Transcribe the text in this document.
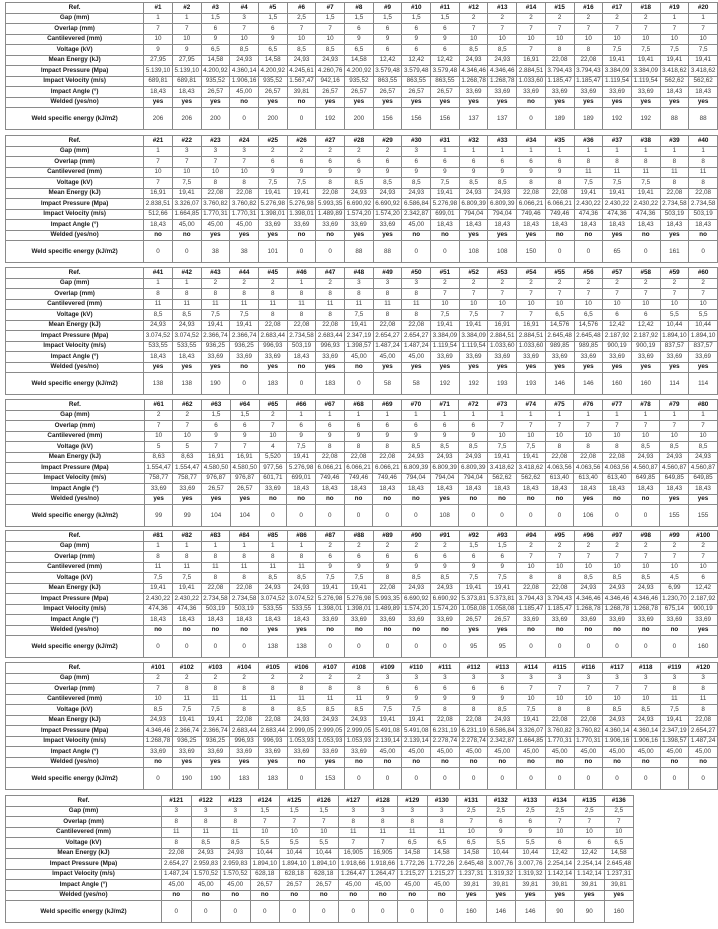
Ref.	#1	#2	#3	#4	#5	#6	#7	#8	#9	#10	#11	#12	#13	#14	#15	#16	#17	#18	#19	#20
Gap (mm)	1	1	1,5	3	1,5	2,5	1,5	1,5	1,5	1,5	1,5	2	2	2	2	2	2	2	1	1
Overlap (mm)	7	7	6	7	6	7	7	6	6	6	6	7	7	7	7	7	7	7	7	7
Cantilevered (mm)	10	10	9	10	9	10	10	9	9	9	9	10	10	10	10	10	10	10	10	10
Voltage (kV)	9	9	6,5	8,5	6,5	8,5	8,5	6,5	6	6	6	8,5	8,5	7	8	8	7,5	7,5	7,5	7,5
Mean Energy (kJ)	27,95	27,95	14,58	24,93	14,58	24,93	24,93	14,58	12,42	12,42	12,42	24,93	24,93	16,91	22,08	22,08	19,41	19,41	19,41	19,41
Impact Pressure (Mpa)	5.139,10	5.139,10	4.200,92	4.360,14	4.200,92	4.245,61	4.260,76	4.200,92	3.579,48	3.579,48	3.579,48	4.346,46	4.346,46	2.884,51	3.794,43	3.794,43	3.384,09	3.384,09	3.418,62	3.418,62
Impact Velocity (m/s)	689,81	689,81	935,52	1.906,16	935,52	1.567,47	942,16	935,52	863,55	863,55	863,55	1.268,78	1.268,78	1.033,60	1.185,47	1.185,47	1.119,54	1.119,54	562,62	562,62
Impact Angle (°)	18,43	18,43	26,57	45,00	26,57	39,81	26,57	26,57	26,57	26,57	26,57	33,69	33,69	33,69	33,69	33,69	33,69	33,69	18,43	18,43
Welded (yes/no)	yes	yes	yes	no	yes	no	yes	yes	yes	yes	yes	yes	yes	no	yes	yes	yes	yes	yes	yes
Weld specific energy (kJ/m2)	206	206	200	0	200	0	192	200	156	156	156	137	137	0	189	189	192	192	88	88
Ref.	#21	#22	#23	#24	#25	#26	#27	#28	#29	#30	#31	#32	#33	#34	#35	#36	#37	#38	#39	#40
Gap (mm)	1	3	3	3	2	2	2	2	2	3	1	1	1	1	1	1	1	1	1	1
Overlap (mm)	7	7	7	7	6	6	6	6	6	6	6	6	6	6	6	8	8	8	8	8
Cantilevered (mm)	10	10	10	10	9	9	9	9	9	9	9	9	9	9	9	11	11	11	11	11
Voltage (kV)	7	7,5	8	8	7,5	7,5	8	8,5	8,5	8,5	7,5	8,5	8,5	8	8	7,5	7,5	7,5	8	8
Mean Energy (kJ)	16,91	19,41	22,08	22,08	19,41	19,41	22,08	24,93	24,93	24,93	19,41	24,93	24,93	22,08	22,08	19,41	19,41	19,41	22,08	22,08
Impact Pressure (Mpa)	2.838,51	3.326,07	3.760,82	3.760,82	5.276,98	5.276,98	5.993,35	6.690,92	6.690,92	6.586,84	5.276,98	6.809,39	6.809,39	6.066,21	6.066,21	2.430,22	2.430,22	2.430,22	2.734,58	2.734,58
Impact Velocity (m/s)	512,66	1.664,85	1.770,31	1.770,31	1.398,01	1.398,01	1.489,89	1.574,20	1.574,20	2.342,87	699,01	794,04	794,04	749,46	749,46	474,36	474,36	474,36	503,19	503,19
Impact Angle (°)	18,43	45,00	45,00	45,00	33,69	33,69	33,69	33,69	33,69	45,00	18,43	18,43	18,43	18,43	18,43	18,43	18,43	18,43	18,43	18,43
Welded (yes/no)	no	no	yes	yes	yes	no	no	yes	yes	no	no	yes	yes	yes	no	no	yes	no	yes	no
Weld specific energy (kJ/m2)	0	0	38	38	101	0	0	88	88	0	0	108	108	150	0	0	65	0	161	0
Ref.	#41	#42	#43	#44	#45	#46	#47	#48	#49	#50	#51	#52	#53	#54	#55	#56	#57	#58	#59	#60
Gap (mm)	1	1	2	2	2	1	2	3	3	3	2	2	2	2	2	2	2	2	2	2
Overlap (mm)	8	8	8	8	8	8	8	8	8	8	7	7	7	7	7	7	7	7	7	7
Cantilevered (mm)	11	11	11	11	11	11	11	11	11	11	10	10	10	10	10	10	10	10	10	10
Voltage (kV)	8,5	8,5	7,5	7,5	8	8	8	7,5	8	8	7,5	7,5	7	7	6,5	6,5	6	6	5,5	5,5
Mean Energy (kJ)	24,93	24,93	19,41	19,41	22,08	22,08	22,08	19,41	22,08	22,08	19,41	19,41	16,91	16,91	14,576	14,576	12,42	12,42	10,44	10,44
Impact Pressure (Mpa)	3.074,52	3.074,52	2.366,74	2.366,74	2.683,44	2.734,58	2.683,44	2.347,19	2.654,27	2.654,27	3.384,09	3.384,09	2.884,51	2.884,51	2.645,48	2.645,48	2.187,92	2.187,92	1.894,10	1.894,10
Impact Velocity (m/s)	533,55	533,55	936,25	936,25	996,93	503,19	996,93	1.398,57	1.487,24	1.487,24	1.119,54	1.119,54	1.033,60	1.033,60	989,85	989,85	900,19	900,19	837,57	837,57
Impact Angle (°)	18,43	18,43	33,69	33,69	33,69	18,43	33,69	45,00	45,00	45,00	33,69	33,69	33,69	33,69	33,69	33,69	33,69	33,69	33,69	33,69
Welded (yes/no)	yes	yes	yes	no	yes	no	yes	no	yes	yes	yes	yes	yes	yes	yes	yes	yes	yes	yes	yes
Weld specific energy (kJ/m2)	138	138	190	0	183	0	183	0	58	58	192	192	193	193	146	146	160	160	114	114
Ref.	#61	#62	#63	#64	#65	#66	#67	#68	#69	#70	#71	#72	#73	#74	#75	#76	#77	#78	#79	#80
Gap (mm)	2	2	1,5	1,5	2	1	1	1	1	1	1	1	1	1	1	1	1	1	1	1
Overlap (mm)	7	7	6	6	7	6	6	6	6	6	6	6	7	7	7	7	7	7	7	7
Cantilevered (mm)	10	10	9	9	10	9	9	9	9	9	9	9	10	10	10	10	10	10	10	10
Voltage (kV)	5	5	7	7	4	7,5	8	8	8	8,5	8,5	8,5	7,5	7,5	8	8	8	8,5	8,5	8,5
Mean Energy (kJ)	8,63	8,63	16,91	16,91	5,520	19,41	22,08	22,08	22,08	24,93	24,93	24,93	19,41	19,41	22,08	22,08	22,08	24,93	24,93	24,93
Impact Pressure (Mpa)	1.554,47	1.554,47	4.580,50	4.580,50	977,56	5.276,98	6.066,21	6.066,21	6.066,21	6.809,39	6.809,39	6.809,39	3.418,62	3.418,62	4.063,56	4.063,56	4.063,56	4.560,87	4.560,87	4.560,87
Impact Velocity (m/s)	758,77	758,77	976,87	976,87	601,71	699,01	749,46	749,46	749,46	794,04	794,04	794,04	562,62	562,62	613,40	613,40	613,40	649,85	649,85	649,85
Impact Angle (°)	33,69	33,69	26,57	26,57	33,69	18,43	18,43	18,43	18,43	18,43	18,43	18,43	18,43	18,43	18,43	18,43	18,43	18,43	18,43	18,43
Welded (yes/no)	yes	yes	yes	yes	no	no	no	no	no	no	yes	no	no	no	no	yes	no	no	yes	yes
Weld specific energy (kJ/m2)	99	99	104	104	0	0	0	0	0	0	108	0	0	0	0	106	0	0	155	155
Ref.	#81	#82	#83	#84	#85	#86	#87	#88	#89	#90	#91	#92	#93	#94	#95	#96	#97	#98	#99	#100
Gap (mm)	1	1	1	1	1	1	2	2	2	2	2	1,5	1,5	2	2	2	2	2	2	2
Overlap (mm)	8	8	8	8	8	8	6	6	6	6	6	6	6	7	7	7	7	7	7	7
Cantilevered (mm)	11	11	11	11	11	11	9	9	9	9	9	9	9	10	10	10	10	10	10	10
Voltage (kV)	7,5	7,5	8	8	8,5	8,5	7,5	7,5	8	8,5	8,5	7,5	7,5	8	8	8,5	8,5	8,5	4,5	6
Mean Energy (kJ)	19,41	19,41	22,08	22,08	24,93	24,93	19,41	19,41	22,08	24,93	24,93	19,41	19,41	22,08	22,08	24,93	24,93	24,93	6,99	12,42
Impact Pressure (Mpa)	2.430,22	2.430,22	2.734,58	2.734,58	3.074,52	3.074,52	5.276,98	5.276,98	5.993,35	6.690,92	6.690,92	5.373,81	5.373,81	3.794,43	3.794,43	4.346,46	4.346,46	4.346,46	1.230,70	2.187,92
Impact Velocity (m/s)	474,36	474,36	503,19	503,19	533,55	533,55	1.398,01	1.398,01	1.489,89	1.574,20	1.574,20	1.058,08	1.058,08	1.185,47	1.185,47	1.268,78	1.268,78	1.268,78	675,14	900,19
Impact Angle (°)	18,43	18,43	18,43	18,43	18,43	18,43	33,69	33,69	33,69	33,69	33,69	26,57	26,57	33,69	33,69	33,69	33,69	33,69	33,69	33,69
Welded (yes/no)	no	no	no	no	yes	yes	no	no	no	no	no	yes	yes	no	no	no	no	no	no	yes
Weld specific energy (kJ/m2)	0	0	0	0	138	138	0	0	0	0	0	95	95	0	0	0	0	0	0	160
Ref.	#101	#102	#103	#104	#105	#106	#107	#108	#109	#110	#111	#112	#113	#114	#115	#116	#117	#118	#119	#120
Gap (mm)	2	2	2	2	2	2	2	2	3	3	3	3	3	3	3	3	3	3	3	3
Overlap (mm)	7	8	8	8	8	8	8	8	6	6	6	6	6	7	7	7	7	7	8	8
Cantilevered (mm)	10	11	11	11	11	11	11	11	9	9	9	9	9	10	10	10	10	10	11	11
Voltage (kV)	8,5	7,5	7,5	8	8	8,5	8,5	8,5	7,5	7,5	8	8	8,5	7,5	8	8	8,5	8,5	7,5	8
Mean Energy (kJ)	24,93	19,41	19,41	22,08	22,08	24,93	24,93	24,93	19,41	19,41	22,08	22,08	24,93	19,41	22,08	22,08	24,93	24,93	19,41	22,08
Impact Pressure (Mpa)	4.346,46	2.366,74	2.366,74	2.683,44	2.683,44	2.999,05	2.999,05	2.999,05	5.491,08	5.491,08	6.231,19	6.231,19	6.586,84	3.326,07	3.760,82	3.760,82	4.360,14	4.360,14	2.347,19	2.654,27
Impact Velocity (m/s)	1.268,78	936,25	936,25	996,93	996,93	1.053,93	1.053,93	1.053,93	2.139,14	2.139,14	2.278,74	2.278,74	2.342,87	1.664,85	1.770,31	1.770,31	1.906,16	1.906,16	1.398,57	1.487,24
Impact Angle (°)	33,69	33,69	33,69	33,69	33,69	33,69	33,69	33,69	45,00	45,00	45,00	45,00	45,00	45,00	45,00	45,00	45,00	45,00	45,00	45,00
Welded (yes/no)	no	yes	yes	yes	yes	no	yes	no	no	no	no	no	no	no	no	no	no	no	no	no
Weld specific energy (kJ/m2)	0	190	190	183	183	0	153	0	0	0	0	0	0	0	0	0	0	0	0	0
Ref.	#121	#122	#123	#124	#125	#126	#127	#128	#129	#130	#131	#132	#133	#134	#135	#136
Gap (mm)	3	3	3	1,5	1,5	1,5	3	3	3	3	2,5	2,5	2,5	2,5	2,5	2,5
Overlap (mm)	8	8	8	7	7	7	8	8	8	8	7	6	6	7	7	7
Cantilevered (mm)	11	11	11	10	10	10	11	11	11	11	10	9	9	10	10	10
Voltage (kV)	8	8,5	8,5	5,5	5,5	5,5	7	7	6,5	6,5	6,5	5,5	5,5	6	6	6,5
Mean Energy (kJ)	22,08	24,93	24,93	10,44	10,44	10,44	16,905	16,905	14,58	14,58	14,58	10,44	10,44	12,42	12,42	14,58
Impact Pressure (Mpa)	2.654,27	2.959,83	2.959,83	1.894,10	1.894,10	1.894,10	1.918,66	1.918,66	1.772,26	1.772,26	2.645,48	3.007,76	3.007,76	2.254,14	2.254,14	2.645,48
Impact Velocity (m/s)	1.487,24	1.570,52	1.570,52	628,18	628,18	628,18	1.264,47	1.264,47	1.215,27	1.215,27	1.237,31	1.319,32	1.319,32	1.142,14	1.142,14	1.237,31
Impact Angle (°)	45,00	45,00	45,00	26,57	26,57	26,57	45,00	45,00	45,00	45,00	39,81	39,81	39,81	39,81	39,81	39,81
Welded (yes/no)	no	no	no	no	no	no	no	no	no	no	yes	yes	yes	yes	yes	yes
Weld specific energy (kJ/m2)	0	0	0	0	0	0	0	0	0	0	160	146	146	90	90	160
